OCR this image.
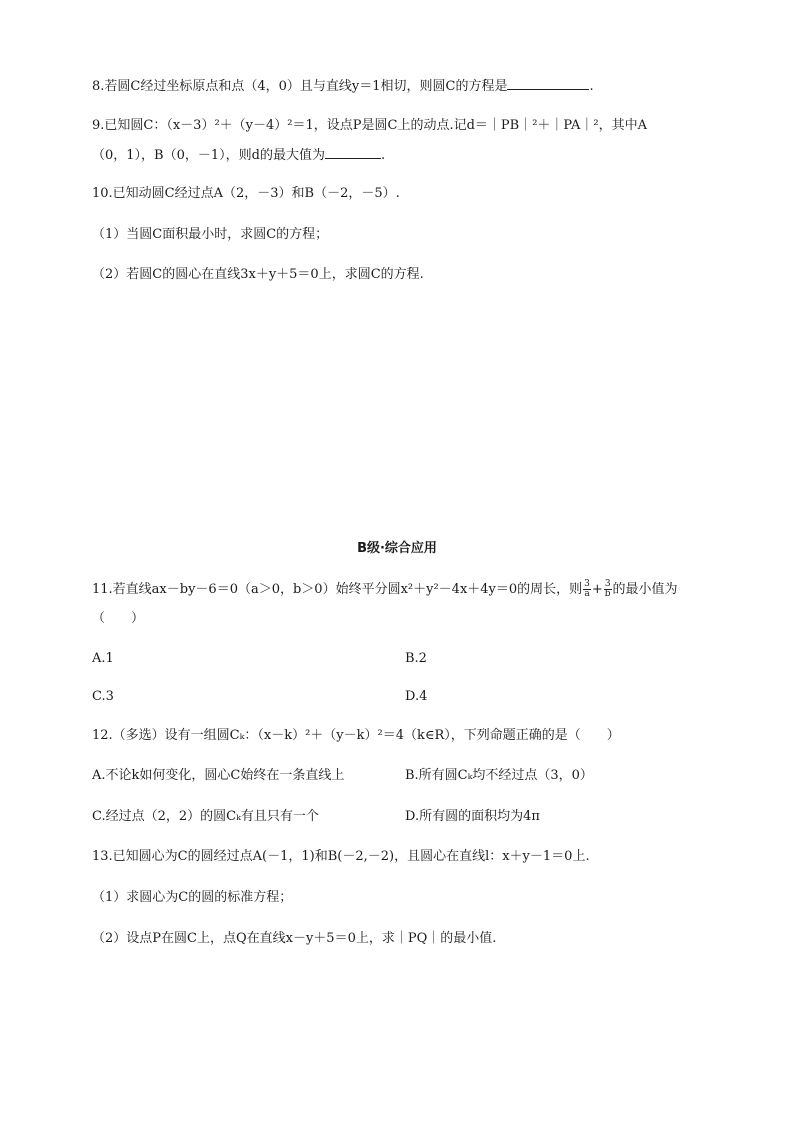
8.若圆C经过坐标原点和点（4，0）且与直线y＝1相切，则圆C的方程是	.
9.已知圆C：（x－3）²＋（y－4）²＝1，设点P是圆C上的动点.记d＝｜PB｜²＋｜PA｜²，其中A
（0，1），B（0，－1），则d的最大值为	.
10.已知动圆C经过点A（2，－3）和B（－2，－5）.
（1）当圆C面积最小时，求圆C的方程；
（2）若圆C的圆心在直线3x＋y＋5＝0上，求圆C的方程.
B级·综合应用
11.若直线ax－by－6＝0（a＞0，b＞0）始终平分圆x²＋y²－4x＋4y＝0的周长，则 $\frac{3}{a} + \frac{3}{b}$ 的最小值为
（　　）
A.1	B.2
C.3	D.4
12.（多选）设有一组圆Cₖ：（x－k）²＋（y－k）²＝4（k∈R），下列命题正确的是（　　）
A.不论k如何变化，圆心C始终在一条直线上	B.所有圆Cₖ均不经过点（3，0）
C.经过点（2，2）的圆Cₖ有且只有一个	D.所有圆的面积均为4π
13.已知圆心为C的圆经过点A(－1，1)和B(－2,－2)，且圆心在直线l：x＋y－1＝0上.
（1）求圆心为C的圆的标准方程；
（2）设点P在圆C上，点Q在直线x－y＋5＝0上，求｜PQ｜的最小值.
